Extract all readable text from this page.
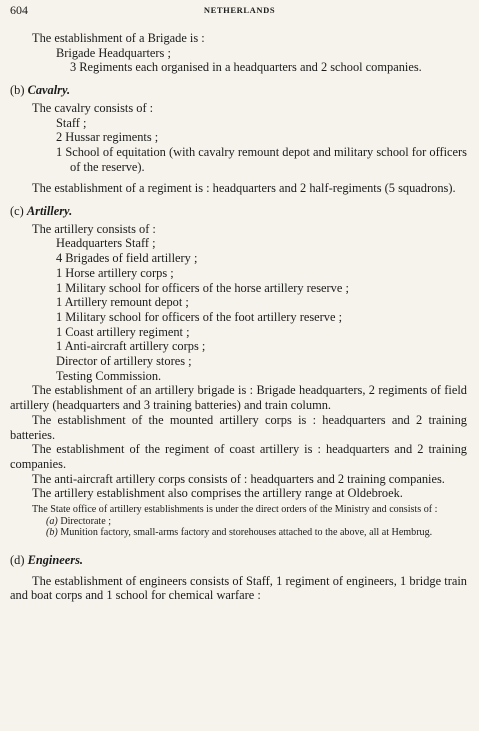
604	NETHERLANDS

The establishment of a Brigade is :

Brigade Headquarters ;

3 Regiments each organised in a headquarters and 2 school companies.

(b) Cavalry.

The cavalry consists of :

Staff ;

2 Hussar regiments ;

1 School of equitation (with cavalry remount depot and military school for officers of the reserve).

The establishment of a regiment is : headquarters and 2 half-regiments (5 squadrons).

(c) Artillery.

The artillery consists of :

Headquarters Staff ;

4 Brigades of field artillery ;

1 Horse artillery corps ;

1 Military school for officers of the horse artillery reserve ;

1 Artillery remount depot ;

1 Military school for officers of the foot artillery reserve ;

1 Coast artillery regiment ;

1 Anti-aircraft artillery corps ;

Director of artillery stores ;

Testing Commission.

The establishment of an artillery brigade is : Brigade headquarters, 2 regiments of field artillery (headquarters and 3 training batteries) and train column.

The establishment of the mounted artillery corps is : headquarters and 2 training batteries.

The establishment of the regiment of coast artillery is : headquarters and 2 training companies.

The anti-aircraft artillery corps consists of : headquarters and 2 training companies.

The artillery establishment also comprises the artillery range at Oldebroek.

The State office of artillery establishments is under the direct orders of the Ministry and consists of :

(a) Directorate ;

(b) Munition factory, small-arms factory and storehouses attached to the above, all at Hembrug.

(d) Engineers.

The establishment of engineers consists of Staff, 1 regiment of engineers, 1 bridge train and boat corps and 1 school for chemical warfare :
